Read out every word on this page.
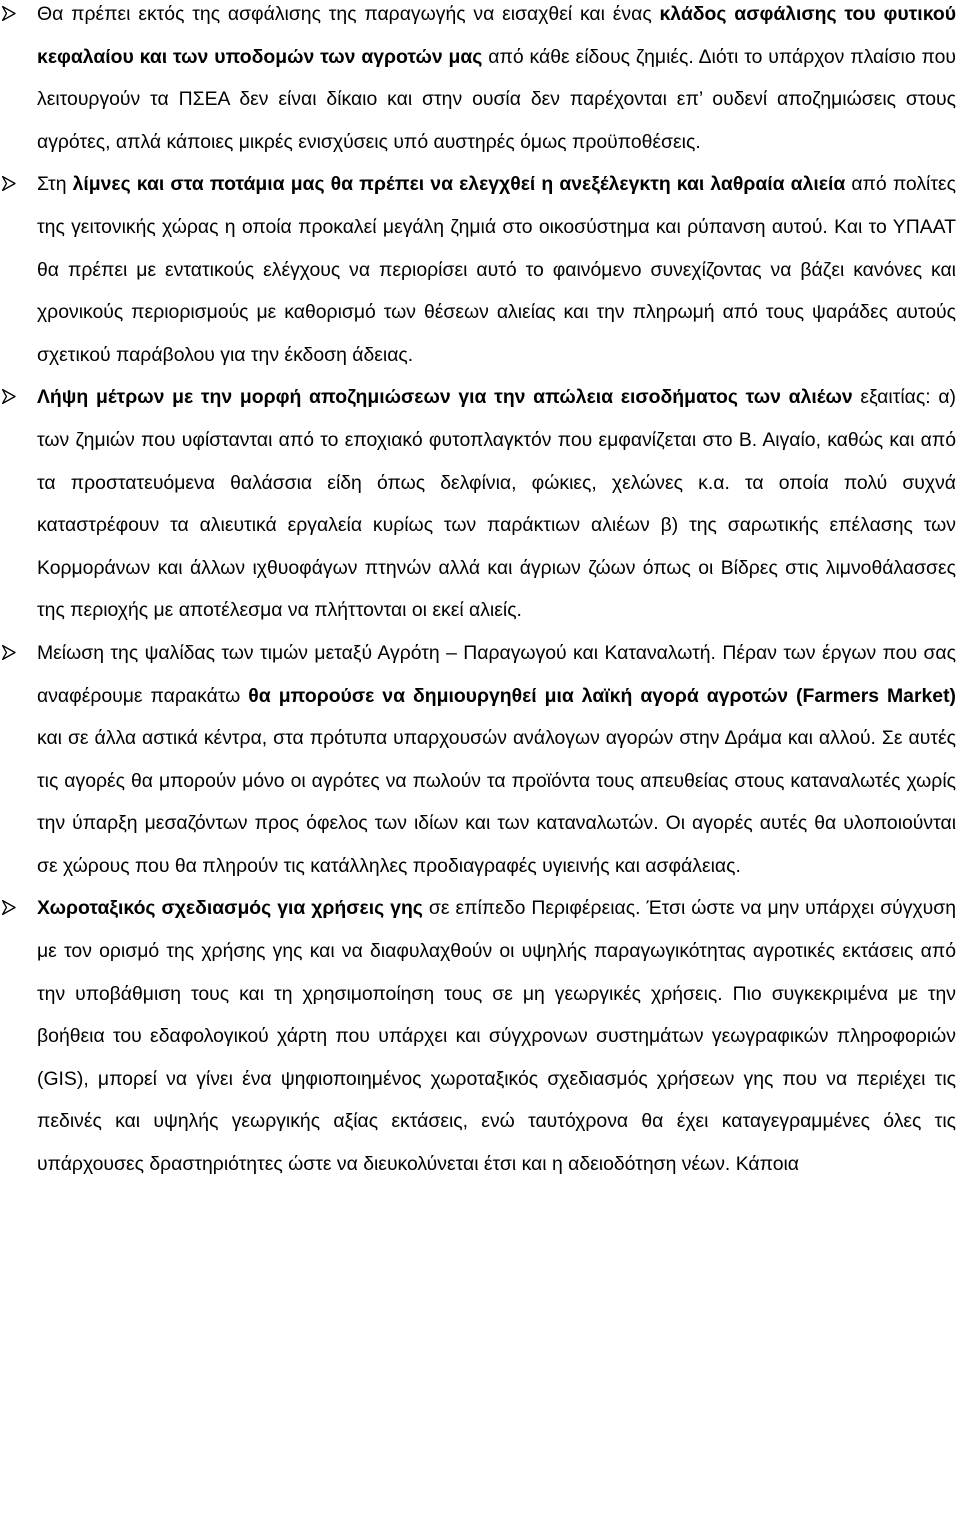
Θα πρέπει εκτός της ασφάλισης της παραγωγής να εισαχθεί και ένας κλάδος ασφάλισης του φυτικού κεφαλαίου και των υποδομών των αγροτών μας από κάθε είδους ζημιές. Διότι το υπάρχον πλαίσιο που λειτουργούν τα ΠΣΕΑ δεν είναι δίκαιο και στην ουσία δεν παρέχονται επ’ ουδενί αποζημιώσεις στους αγρότες, απλά κάποιες μικρές ενισχύσεις υπό αυστηρές όμως προϋποθέσεις.
Στη λίμνες και στα ποτάμια μας θα πρέπει να ελεγχθεί η ανεξέλεγκτη και λαθραία αλιεία από πολίτες της γειτονικής χώρας η οποία προκαλεί μεγάλη ζημιά στο οικοσύστημα και ρύπανση αυτού. Και το ΥΠΑΑΤ θα πρέπει με εντατικούς ελέγχους να περιορίσει αυτό το φαινόμενο συνεχίζοντας να βάζει κανόνες και χρονικούς περιορισμούς με καθορισμό των θέσεων αλιείας και την πληρωμή από τους ψαράδες αυτούς σχετικού παράβολου για την έκδοση άδειας.
Λήψη μέτρων με την μορφή αποζημιώσεων για την απώλεια εισοδήματος των αλιέων εξαιτίας: α) των ζημιών που υφίστανται από το εποχιακό φυτοπλαγκτόν που εμφανίζεται στο Β. Αιγαίο, καθώς και από τα προστατευόμενα θαλάσσια είδη όπως δελφίνια, φώκιες, χελώνες κ.α. τα οποία πολύ συχνά καταστρέφουν τα αλιευτικά εργαλεία κυρίως των παράκτιων αλιέων β) της σαρωτικής επέλασης των Κορμοράνων και άλλων ιχθυοφάγων πτηνών αλλά και άγριων ζώων όπως οι Βίδρες στις λιμνοθάλασσες της περιοχής με αποτέλεσμα να πλήττονται οι εκεί αλιείς.
Μείωση της ψαλίδας των τιμών μεταξύ Αγρότη – Παραγωγού και Καταναλωτή. Πέραν των έργων που σας αναφέρουμε παρακάτω θα μπορούσε να δημιουργηθεί μια λαϊκή αγορά αγροτών (Farmers Market) και σε άλλα αστικά κέντρα, στα πρότυπα υπαρχουσών ανάλογων αγορών στην Δράμα και αλλού. Σε αυτές τις αγορές θα μπορούν μόνο οι αγρότες να πωλούν τα προϊόντα τους απευθείας στους καταναλωτές χωρίς την ύπαρξη μεσαζόντων προς όφελος των ιδίων και των καταναλωτών. Οι αγορές αυτές θα υλοποιούνται σε χώρους που θα πληρούν τις κατάλληλες προδιαγραφές υγιεινής και ασφάλειας.
Χωροταξικός σχεδιασμός για χρήσεις γης σε επίπεδο Περιφέρειας. Έτσι ώστε να μην υπάρχει σύγχυση με τον ορισμό της χρήσης γης και να διαφυλαχθούν οι υψηλής παραγωγικότητας αγροτικές εκτάσεις από την υποβάθμιση τους και τη χρησιμοποίηση τους σε μη γεωργικές χρήσεις. Πιο συγκεκριμένα με την βοήθεια του εδαφολογικού χάρτη που υπάρχει και σύγχρονων συστημάτων γεωγραφικών πληροφοριών (GIS), μπορεί να γίνει ένα ψηφιοποιημένος χωροταξικός σχεδιασμός χρήσεων γης που να περιέχει τις πεδινές και υψηλής γεωργικής αξίας εκτάσεις, ενώ ταυτόχρονα θα έχει καταγεγραμμένες όλες τις υπάρχουσες δραστηριότητες ώστε να διευκολύνεται έτσι και η αδειοδότηση νέων. Κάποια
